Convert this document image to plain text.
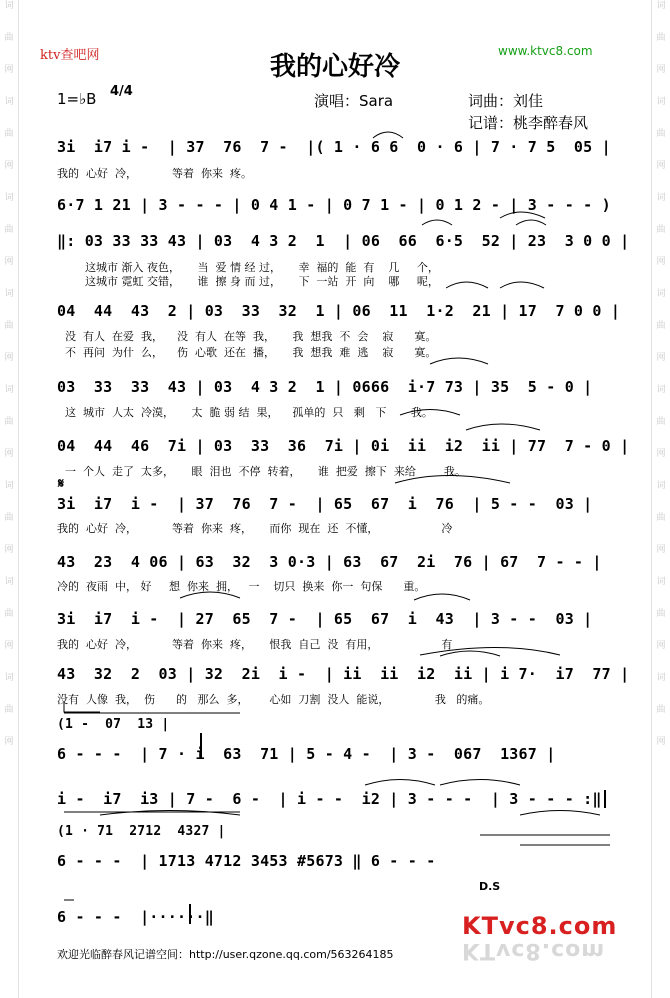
词
曲
网
词
曲
网
词
曲
网
词
曲
网
词
曲
网
词
曲
网
词
曲
网
词
曲
网
词
曲
网
词
曲
网
词
曲
网
词
曲
网
词
曲
网
词
曲
网
词
曲
网
词
曲
网
ktv查吧网	www.ktvc8.com
我的心好冷
1=♭B 4/4
演唱：Sara	词曲：刘佳
记谱：桃李醉春风
3i  i7 i -  | 37  76  7 -  |( 1 · 6 6  0 · 6 | 7 · 7 5  05 |
我的  心好  冷，          等着  你来  疼。
6·7 1 21 | 3 - - - | 0 4 1 - | 0 7 1 - | 0 1 2 - | 3 - - - )
‖: 03 33 33 43 | 03  4 3 2  1  | 06  66  6·5  52 | 23  3 0 0 |
这城市 渐入 夜色，     当  爱 情 经 过，     幸  福的  能  有    几     个，
这城市 霓虹 交错，     谁  擦 身 而 过，     下  一站  开  向    哪     呢，
04  44  43  2 | 03  33  32  1 | 06  11  1·2  21 | 17  7 0 0 |
没  有人  在爱  我，    没  有人  在等  我，     我  想我  不  会    寂      寞。
不  再问  为什  么，    伤  心歌  还在  播，     我  想我  难  逃    寂      寞。
03  33  33  43 | 03  4 3 2  1 | 0666  i·7 73 | 35  5 - 0 |
这  城市  人太  冷漠，     太  脆 弱 结  果，    孤单的  只   剩   下       我。
04  44  46  7i | 03  33  36  7i | 0i  ii  i2  ii | 77  7 - 0 |
一  个人  走了  太多，     眼  泪也  不停  转着，     谁  把爱  擦下  来给        我。
𝄋
3i  i7  i -  | 37  76  7 -  | 65  67  i  76  | 5 - -  03 |
我的  心好  冷，          等着  你来  疼，     而你  现在  还  不懂，                  冷
43  23  4 06 | 63  32  3 0·3 | 63  67  2i  76 | 67  7 - - |
冷的  夜雨  中， 好     想  你来  拥，   一    切只  换来  你一  句保      重。
3i  i7  i -  | 27  65  7 -  | 65  67  i  43  | 3 - -  03 |
我的  心好  冷，          等着  你来  疼，     恨我  自己  没  有用，                  有
43  32  2  03 | 32  2i  i -  | ii  ii  i2  ii | i 7·  i7  77 |
没有  人像  我，  伤      的   那么  多，      心如  刀割  没人  能说，             我   的痛。
(1 -  07  13 |
6 - - -  | 7 · i  63  71 | 5 - 4 -  | 3 -  067  1367 |
i -  i7  i3 | 7 -  6 -  | i - -  i2 | 3 - - -  | 3 - - - :‖
(1 · 71  2712  4327 |
6 - - -  | 1713 4712 3453 #5673 ‖ 6 - - -
D.S
6 - - -  |······‖	KTvc8.com
KTvc8.com
欢迎光临醉春风记谱空间：http://user.qzone.qq.com/563264185
